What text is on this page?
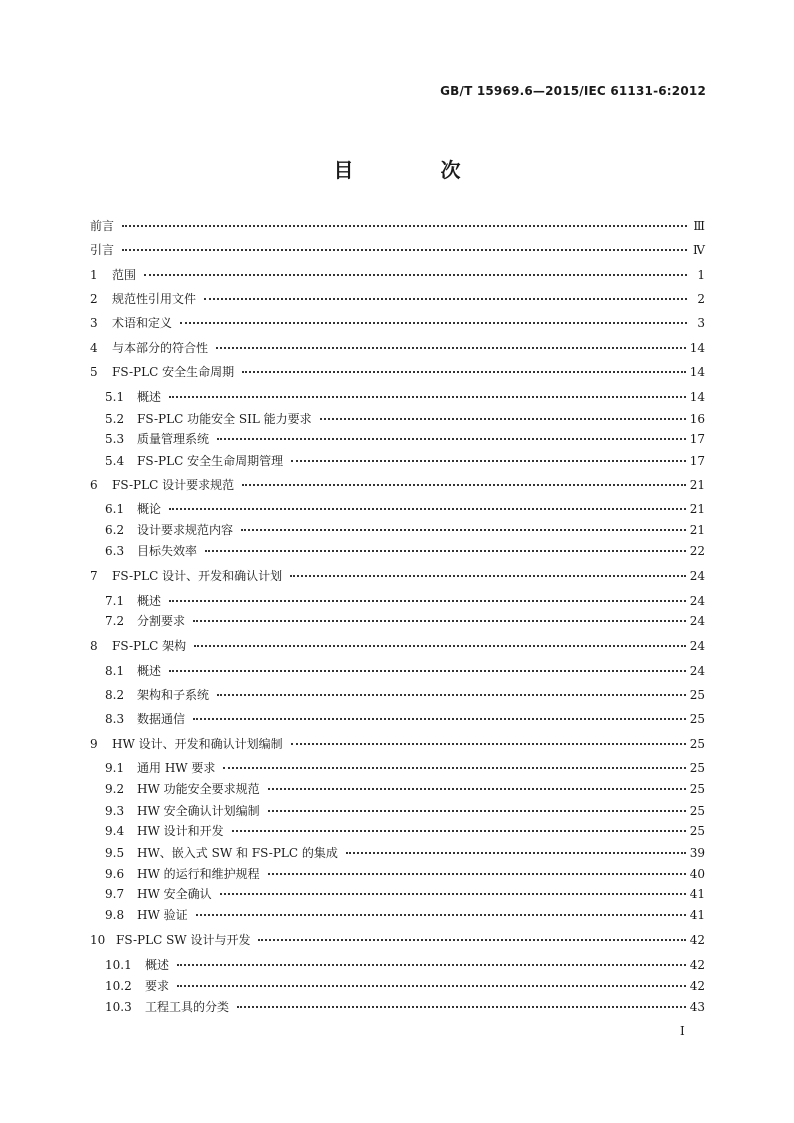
GB/T 15969.6—2015/IEC 61131-6:2012
目 次
前言	Ⅲ
引言	Ⅳ
1	范围	1
2	规范性引用文件	2
3	术语和定义	3
4	与本部分的符合性	14
5	FS-PLC 安全生命周期	14
5.1	概述	14
5.2	FS-PLC 功能安全 SIL 能力要求	16
5.3	质量管理系统	17
5.4	FS-PLC 安全生命周期管理	17
6	FS-PLC 设计要求规范	21
6.1	概论	21
6.2	设计要求规范内容	21
6.3	目标失效率	22
7	FS-PLC 设计、开发和确认计划	24
7.1	概述	24
7.2	分割要求	24
8	FS-PLC 架构	24
8.1	概述	24
8.2	架构和子系统	25
8.3	数据通信	25
9	HW 设计、开发和确认计划编制	25
9.1	通用 HW 要求	25
9.2	HW 功能安全要求规范	25
9.3	HW 安全确认计划编制	25
9.4	HW 设计和开发	25
9.5	HW、嵌入式 SW 和 FS-PLC 的集成	39
9.6	HW 的运行和维护规程	40
9.7	HW 安全确认	41
9.8	HW 验证	41
10 FS-PLC SW 设计与开发	42
10.1	概述	42
10.2	要求	42
10.3	工程工具的分类	43
Ⅰ
